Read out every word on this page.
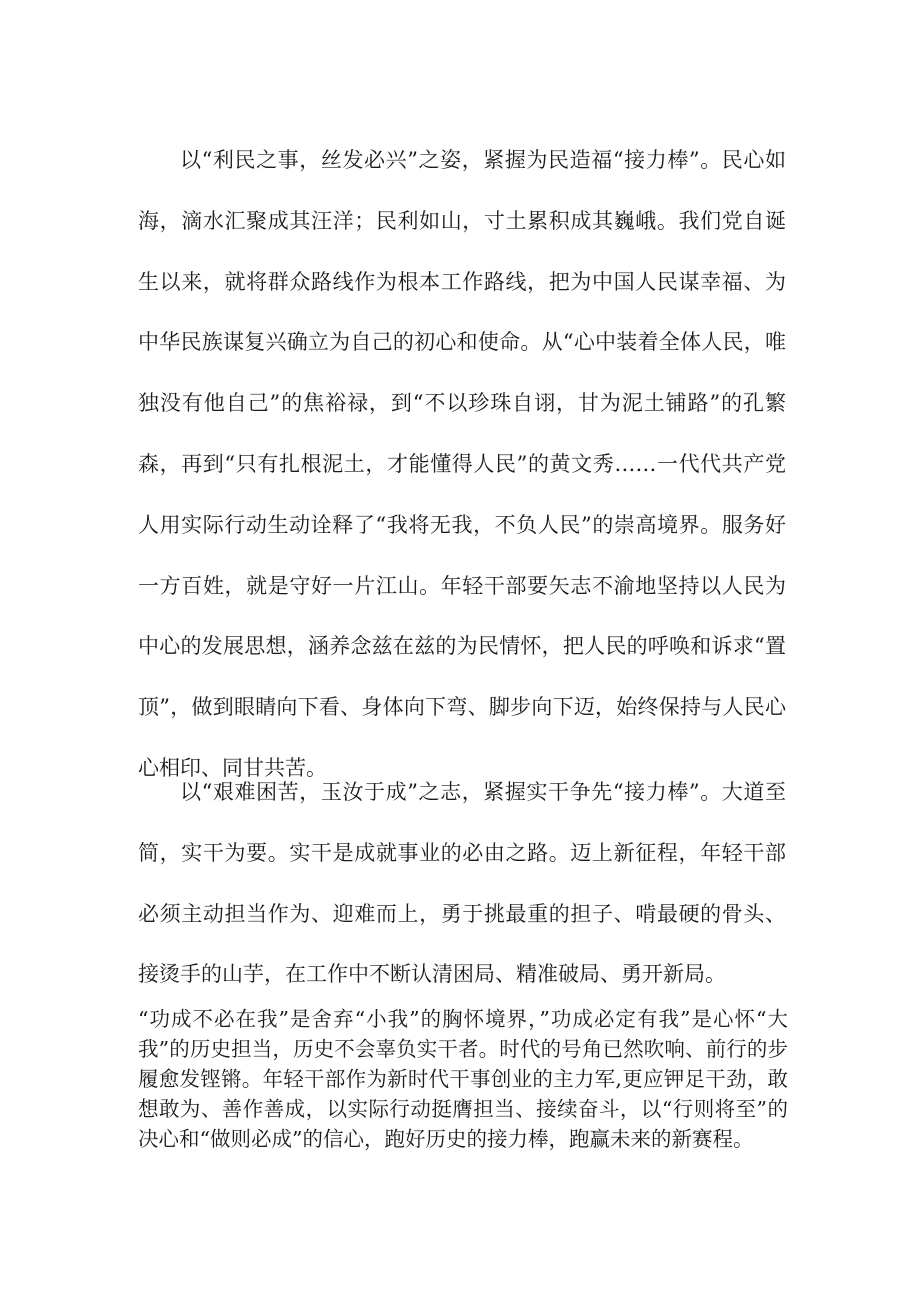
以“利民之事，丝发必兴”之姿，紧握为民造福“接力棒”。民心如海，滴水汇聚成其汪洋；民利如山，寸土累积成其巍峨。我们党自诞生以来，就将群众路线作为根本工作路线，把为中国人民谋幸福、为中华民族谋复兴确立为自己的初心和使命。从“心中装着全体人民，唯独没有他自己”的焦裕禄，到“不以珍珠自诩，甘为泥土铺路”的孔繁森，再到“只有扎根泥土，才能懂得人民”的黄文秀……一代代共产党人用实际行动生动诠释了“我将无我，不负人民”的崇高境界。服务好一方百姓，就是守好一片江山。年轻干部要矢志不渝地坚持以人民为中心的发展思想，涵养念兹在兹的为民情怀，把人民的呼唤和诉求“置顶”，做到眼睛向下看、身体向下弯、脚步向下迈，始终保持与人民心心相印、同甘共苦。

以“艰难困苦，玉汝于成”之志，紧握实干争先“接力棒”。大道至简，实干为要。实干是成就事业的必由之路。迈上新征程，年轻干部必须主动担当作为、迎难而上，勇于挑最重的担子、啃最硬的骨头、接烫手的山芋，在工作中不断认清困局、精准破局、勇开新局。

“功成不必在我”是舍弃“小我”的胸怀境界，”功成必定有我”是心怀“大我”的历史担当，历史不会辜负实干者。时代的号角已然吹响、前行的步履愈发铿锵。年轻干部作为新时代干事创业的主力军,更应钾足干劲，敢想敢为、善作善成，以实际行动挺膺担当、接续奋斗，以“行则将至”的决心和“做则必成”的信心，跑好历史的接力棒，跑赢未来的新赛程。
